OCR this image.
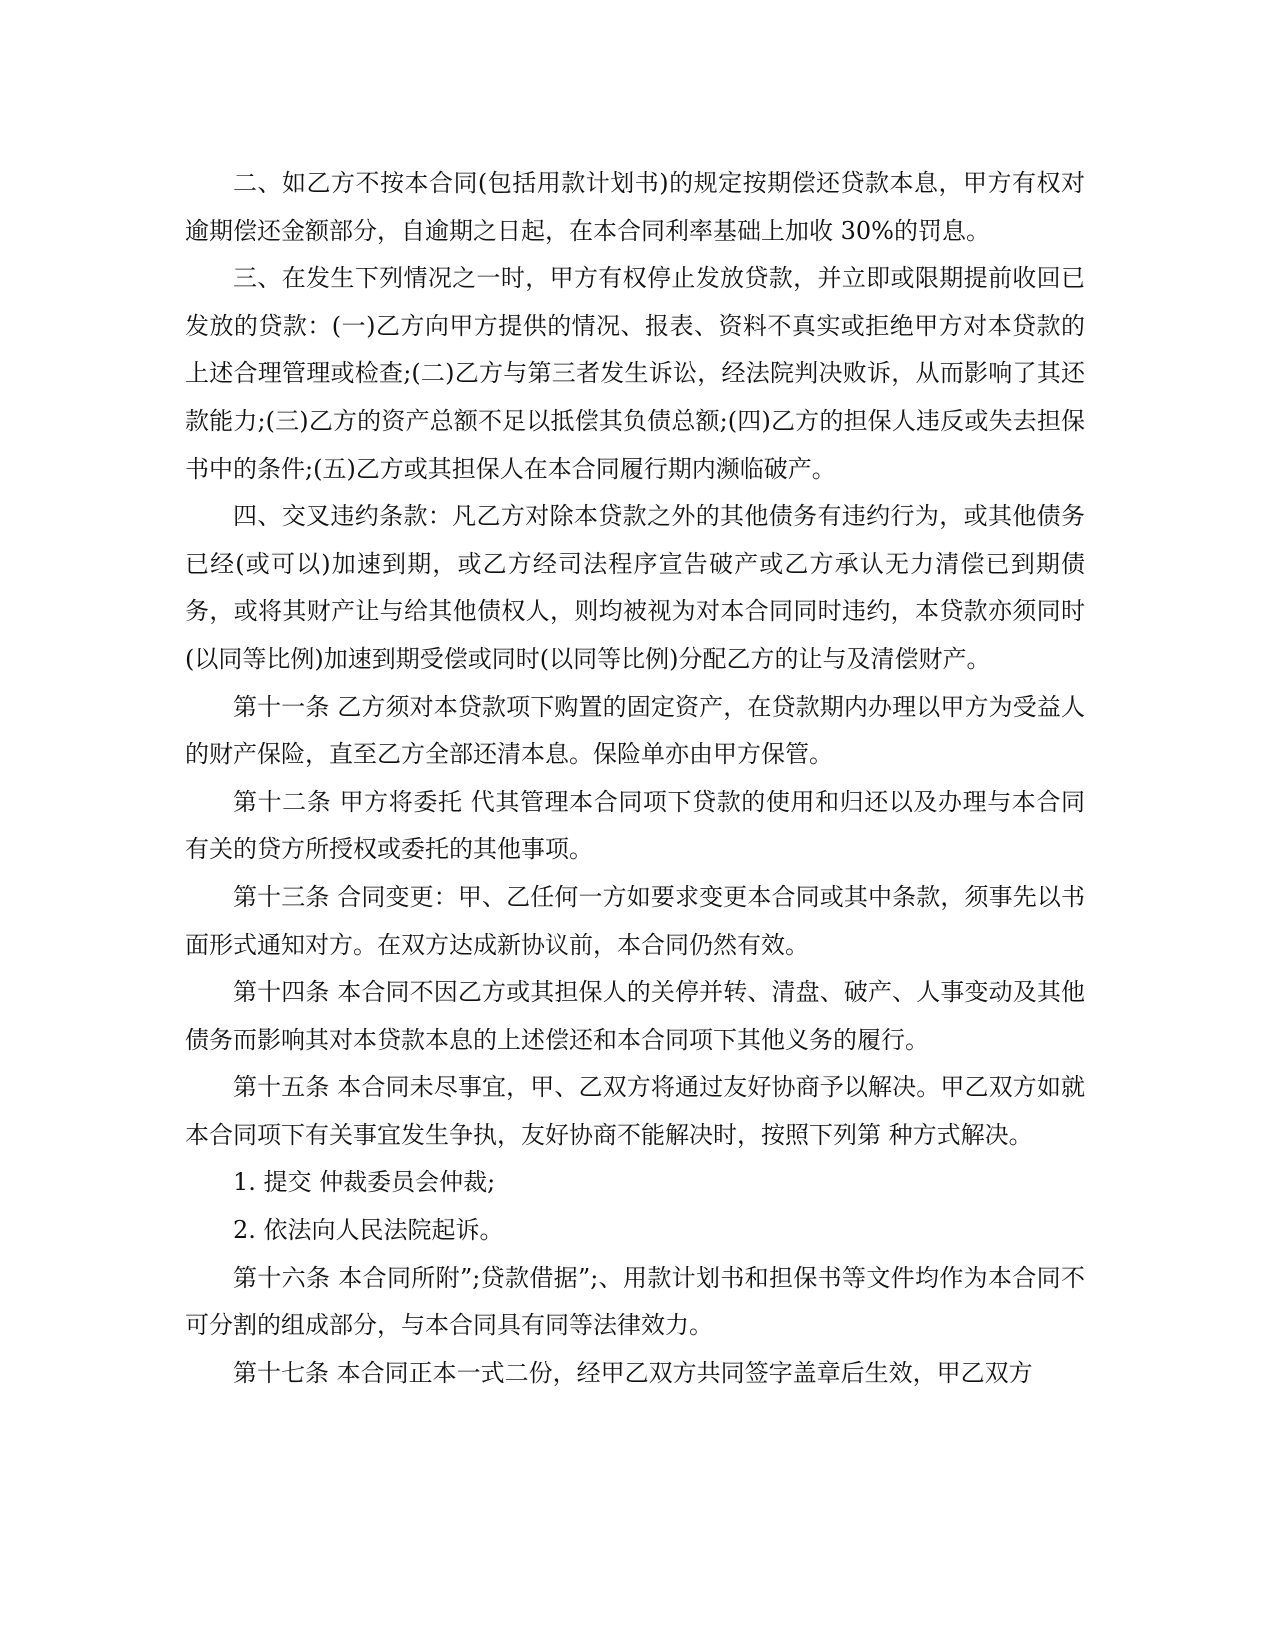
二、如乙方不按本合同(包括用款计划书)的规定按期偿还贷款本息，甲方有权对逾期偿还金额部分，自逾期之日起，在本合同利率基础上加收 30%的罚息。

三、在发生下列情况之一时，甲方有权停止发放贷款，并立即或限期提前收回已发放的贷款：(一)乙方向甲方提供的情况、报表、资料不真实或拒绝甲方对本贷款的上述合理管理或检查;(二)乙方与第三者发生诉讼，经法院判决败诉，从而影响了其还款能力;(三)乙方的资产总额不足以抵偿其负债总额;(四)乙方的担保人违反或失去担保书中的条件;(五)乙方或其担保人在本合同履行期内濒临破产。

四、交叉违约条款：凡乙方对除本贷款之外的其他债务有违约行为，或其他债务已经(或可以)加速到期，或乙方经司法程序宣告破产或乙方承认无力清偿已到期债务，或将其财产让与给其他债权人，则均被视为对本合同同时违约，本贷款亦须同时(以同等比例)加速到期受偿或同时(以同等比例)分配乙方的让与及清偿财产。

第十一条 乙方须对本贷款项下购置的固定资产，在贷款期内办理以甲方为受益人的财产保险，直至乙方全部还清本息。保险单亦由甲方保管。

第十二条 甲方将委托 代其管理本合同项下贷款的使用和归还以及办理与本合同有关的贷方所授权或委托的其他事项。

第十三条 合同变更：甲、乙任何一方如要求变更本合同或其中条款，须事先以书面形式通知对方。在双方达成新协议前，本合同仍然有效。

第十四条 本合同不因乙方或其担保人的关停并转、清盘、破产、人事变动及其他债务而影响其对本贷款本息的上述偿还和本合同项下其他义务的履行。

第十五条 本合同未尽事宜，甲、乙双方将通过友好协商予以解决。甲乙双方如就本合同项下有关事宜发生争执，友好协商不能解决时，按照下列第 种方式解决。

1. 提交 仲裁委员会仲裁;

2. 依法向人民法院起诉。

第十六条 本合同所附”;贷款借据”;、用款计划书和担保书等文件均作为本合同不可分割的组成部分，与本合同具有同等法律效力。

第十七条 本合同正本一式二份，经甲乙双方共同签字盖章后生效，甲乙双方
